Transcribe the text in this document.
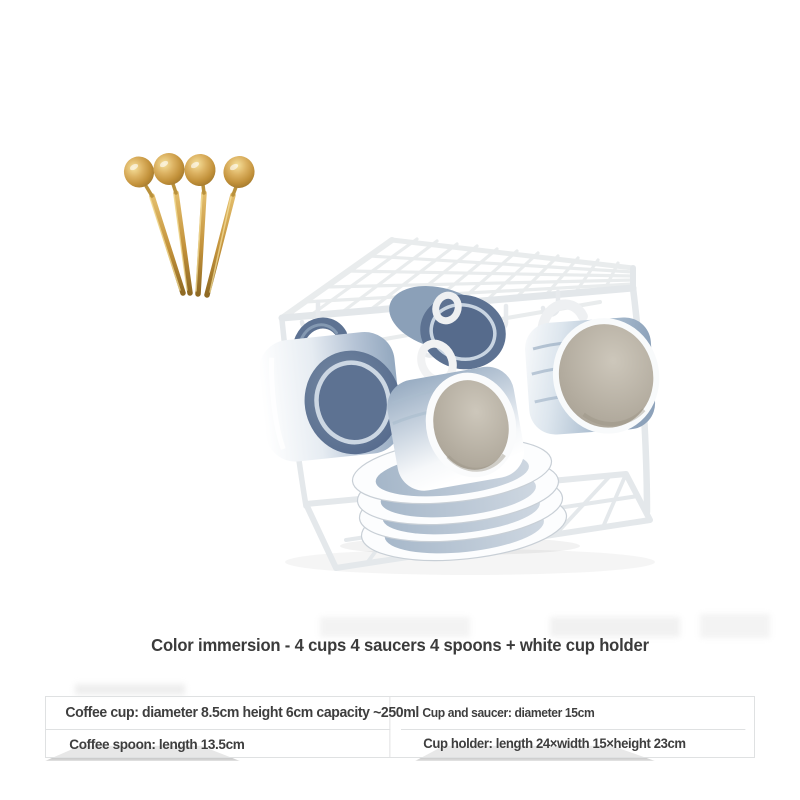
Color immersion - 4 cups 4 saucers 4 spoons + white cup holder
Coffee cup: diameter 8.5cm height 6cm capacity ~250ml Cup and saucer: diameter 15cm
Coffee spoon: length 13.5cm	Cup holder: length 24×width 15×height 23cm
